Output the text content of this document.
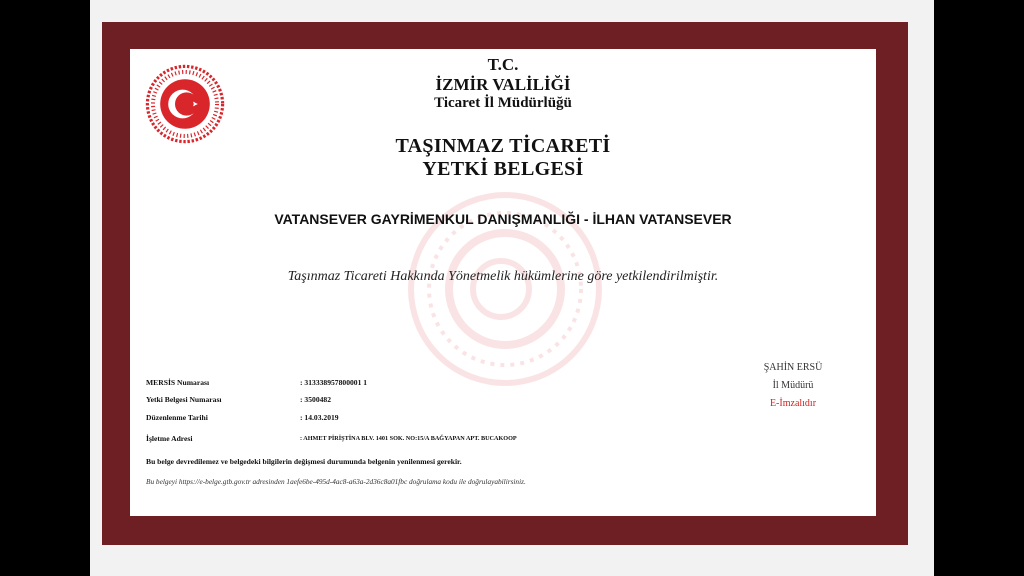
T.C.
İZMİR VALİLİĞİ
Ticaret İl Müdürlüğü
TAŞINMAZ TİCARETİ
YETKİ BELGESİ
VATANSEVER GAYRİMENKUL DANIŞMANLIĞI - İLHAN VATANSEVER
Taşınmaz Ticareti Hakkında Yönetmelik hükümlerine göre yetkilendirilmiştir.
ŞAHİN ERSÜ
İl Müdürü
E-İmzalıdır
MERSİS Numarası	: 313338957800001 1
Yetki Belgesi Numarası	: 3500482
Düzenlenme Tarihi	: 14.03.2019
İşletme Adresi	: AHMET PİRİŞTİNA BLV. 1401 SOK. NO:15/A BAĞYAPAN APT. BUCAKOOP
Bu belge devredilemez ve belgedeki bilgilerin değişmesi durumunda belgenin yenilenmesi gerekir.
Bu belgeyi https://e-belge.gtb.gov.tr adresinden 1aefe6be-495d-4ac8-a63a-2d36c8a01fbc doğrulama kodu ile doğrulayabilirsiniz.
